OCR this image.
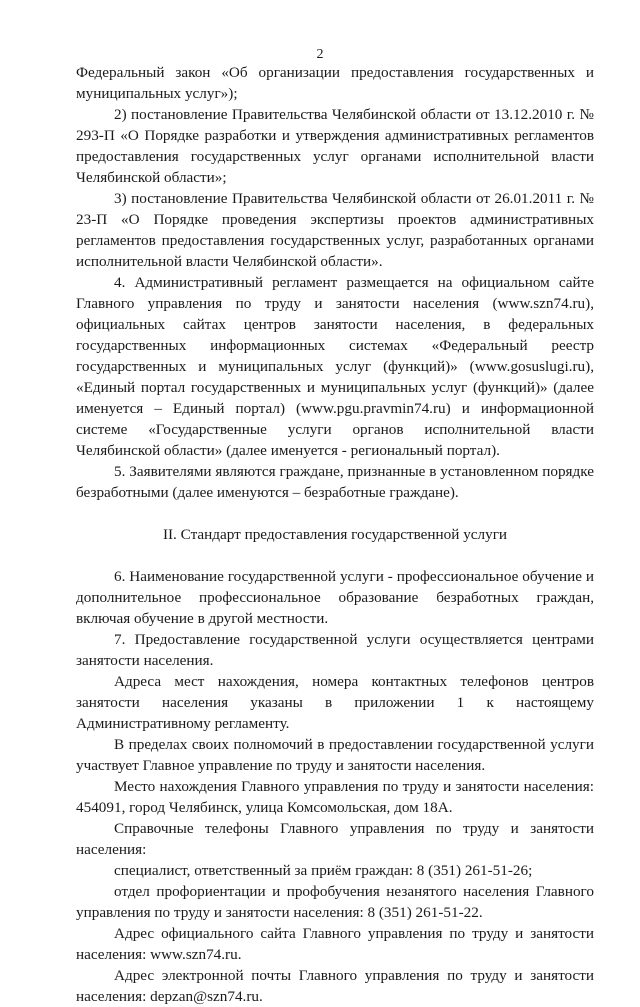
2

Федеральный закон «Об организации предоставления государственных и муниципальных услуг»);

2) постановление Правительства Челябинской области от 13.12.2010 г. № 293-П «О Порядке разработки и утверждения административных регламентов предоставления государственных услуг органами исполнительной власти Челябинской области»;

3) постановление Правительства Челябинской области от 26.01.2011 г. № 23-П «О Порядке проведения экспертизы проектов административных регламентов предоставления государственных услуг, разработанных органами исполнительной власти Челябинской области».

4. Административный регламент размещается на официальном сайте Главного управления по труду и занятости населения (www.szn74.ru), официальных сайтах центров занятости населения, в федеральных государственных информационных системах «Федеральный реестр государственных и муниципальных услуг (функций)» (www.gosuslugi.ru), «Единый портал государственных и муниципальных услуг (функций)» (далее именуется – Единый портал) (www.pgu.pravmin74.ru) и информационной системе «Государственные услуги органов исполнительной власти Челябинской области» (далее именуется - региональный портал).

5. Заявителями являются граждане, признанные в установленном порядке безработными (далее именуются – безработные граждане).

II. Стандарт предоставления государственной услуги

6. Наименование государственной услуги - профессиональное обучение и дополнительное профессиональное образование безработных граждан, включая обучение в другой местности.

7. Предоставление государственной услуги осуществляется центрами занятости населения.

Адреса мест нахождения, номера контактных телефонов центров занятости населения указаны в приложении 1 к настоящему Административному регламенту.

В пределах своих полномочий в предоставлении государственной услуги участвует Главное управление по труду и занятости населения.

Место нахождения Главного управления по труду и занятости населения: 454091, город Челябинск, улица Комсомольская, дом 18А.

Справочные телефоны Главного управления по труду и занятости населения:

специалист, ответственный за приём граждан: 8 (351) 261-51-26;

отдел профориентации и профобучения незанятого населения Главного управления по труду и занятости населения: 8 (351) 261-51-22.

Адрес официального сайта Главного управления по труду и занятости населения: www.szn74.ru.

Адрес электронной почты Главного управления по труду и занятости населения: depzan@szn74.ru.
